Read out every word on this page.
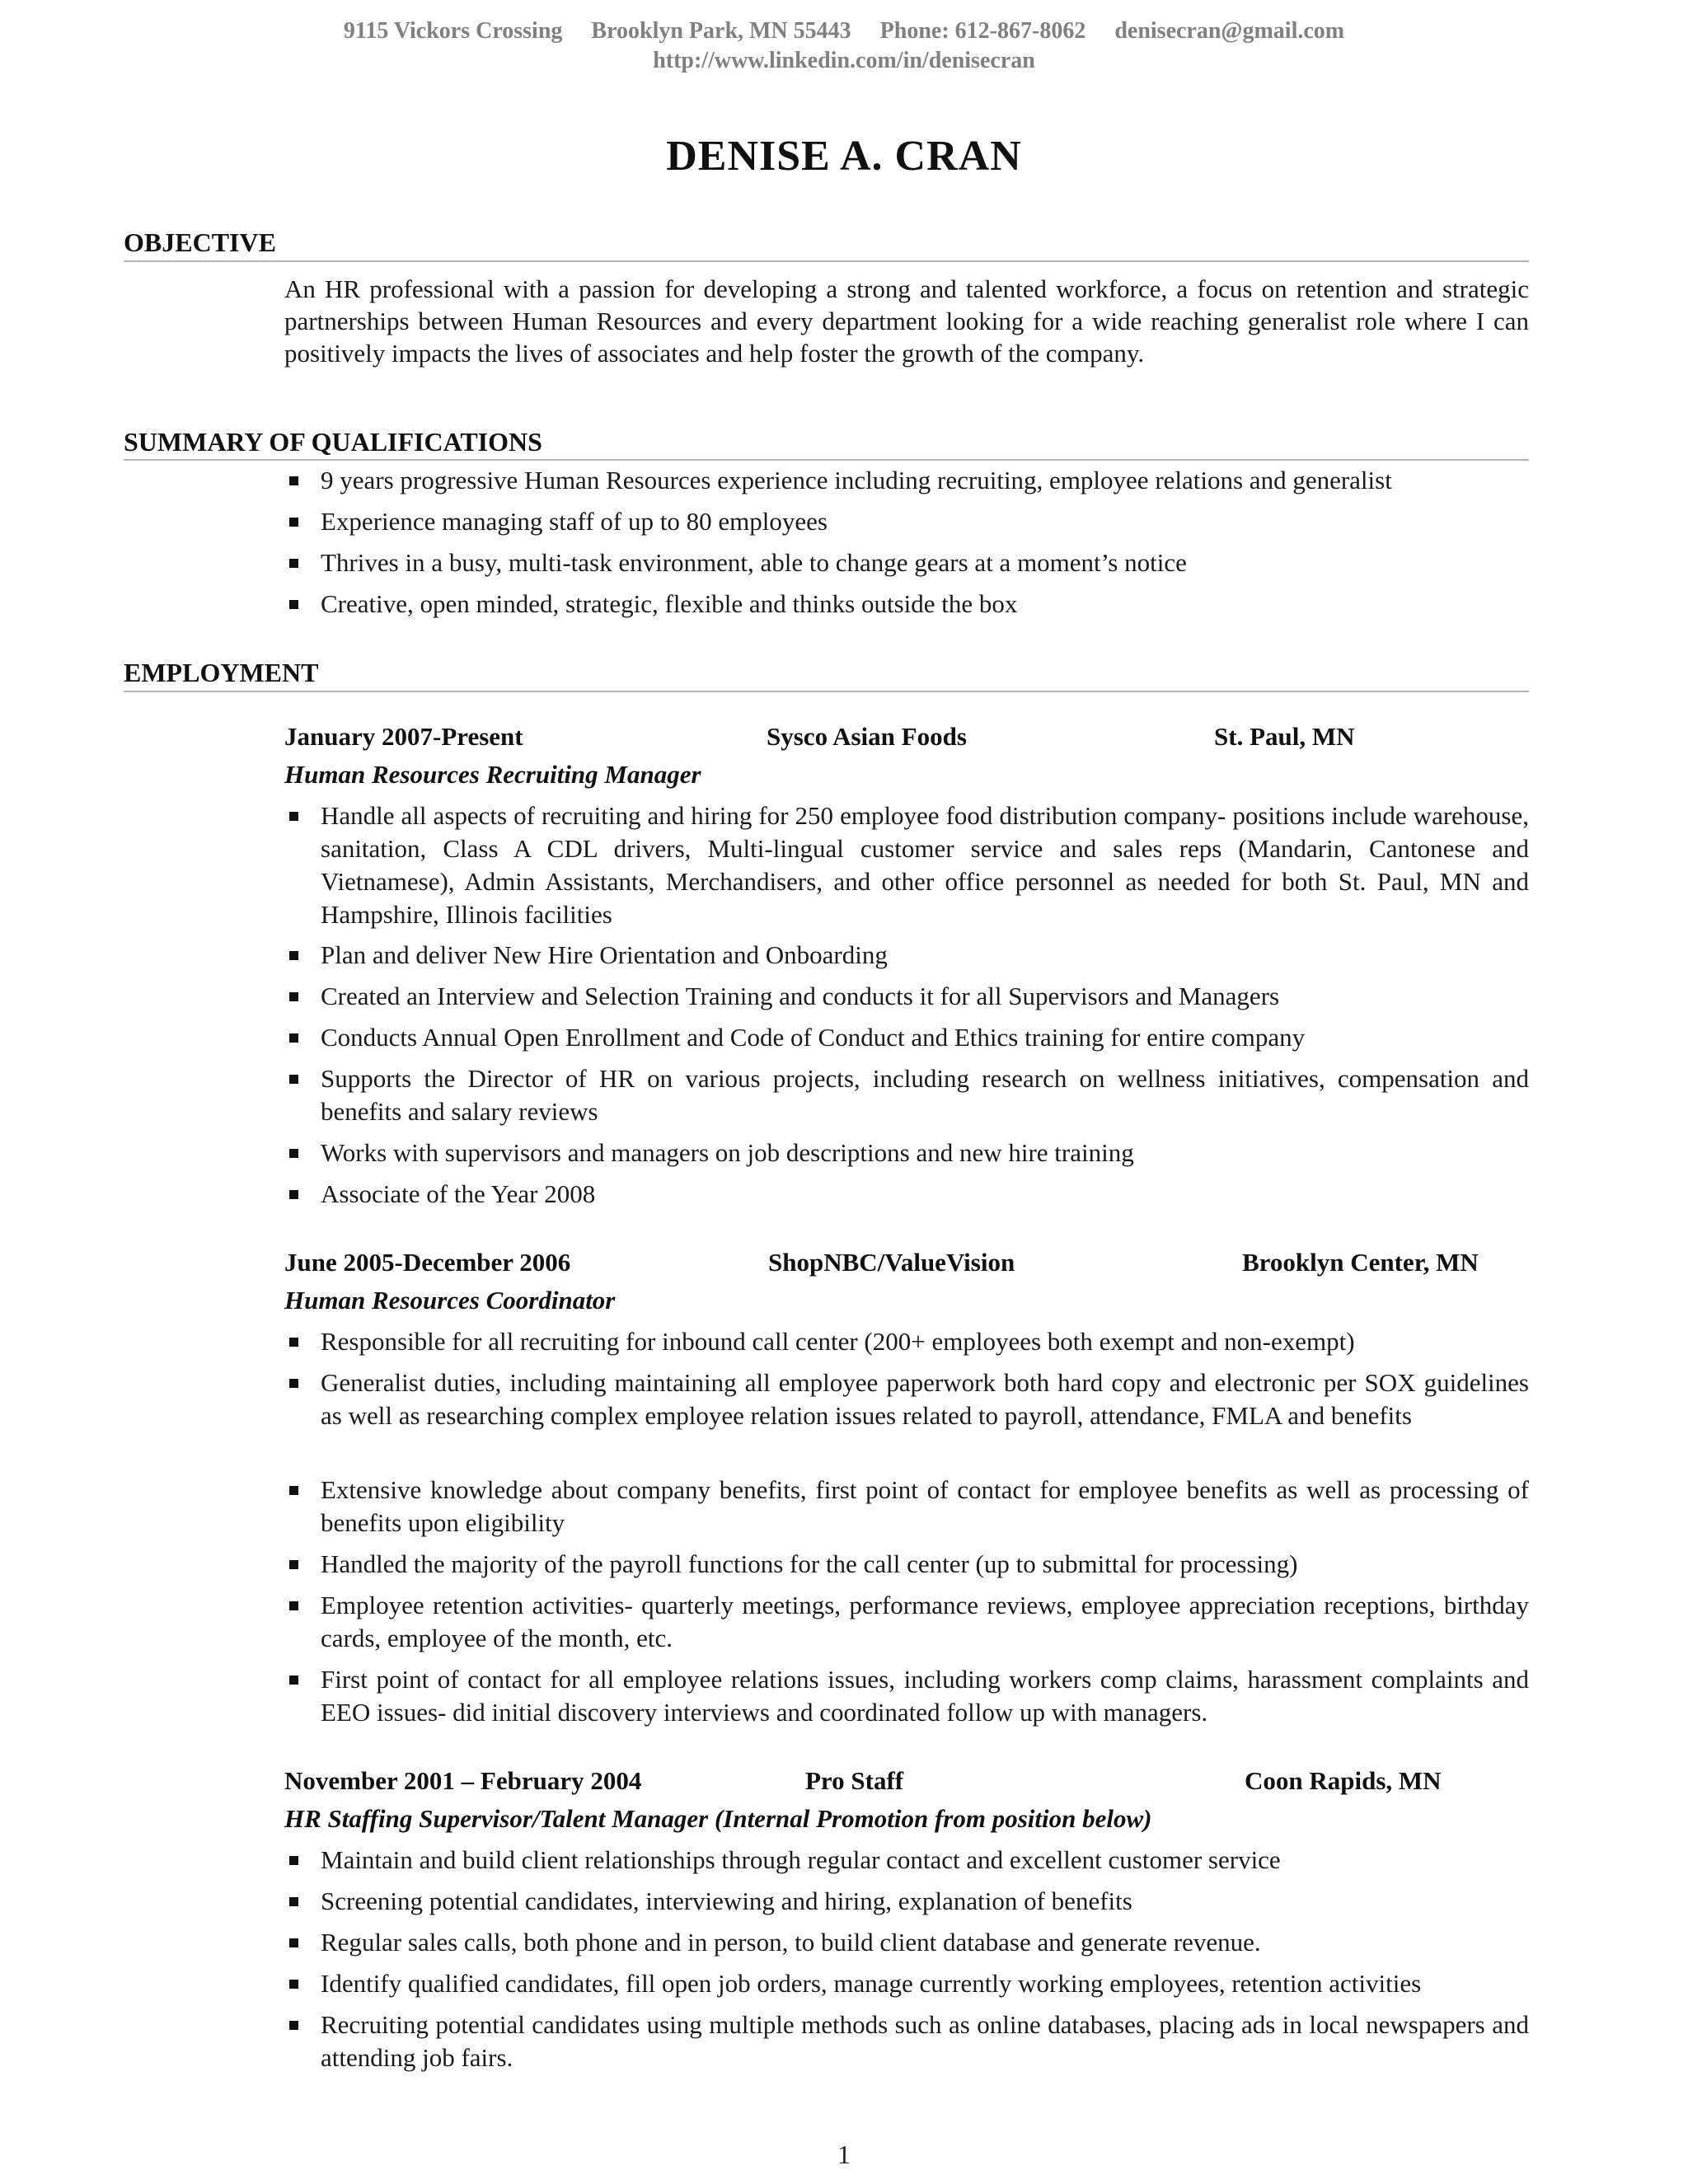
9115 Vickors Crossing     Brooklyn Park, MN 55443     Phone: 612-867-8062     denisecran@gmail.com
http://www.linkedin.com/in/denisecran
DENISE A. CRAN
OBJECTIVE
An HR professional with a passion for developing a strong and talented workforce, a focus on retention and strategic partnerships between Human Resources and every department looking for a wide reaching generalist role where I can positively impacts the lives of associates and help foster the growth of the company.
SUMMARY OF QUALIFICATIONS
9 years progressive Human Resources experience including recruiting, employee relations and generalist
Experience managing staff of up to 80 employees
Thrives in a busy, multi-task environment, able to change gears at a moment’s notice
Creative, open minded, strategic, flexible and thinks outside the box
EMPLOYMENT
January 2007-Present	Sysco Asian Foods	St. Paul, MN
Human Resources Recruiting Manager
Handle all aspects of recruiting and hiring for 250 employee food distribution company- positions include warehouse, sanitation, Class A CDL drivers, Multi-lingual customer service and sales reps (Mandarin, Cantonese and Vietnamese), Admin Assistants, Merchandisers, and other office personnel as needed for both St. Paul, MN and Hampshire, Illinois facilities
Plan and deliver New Hire Orientation and Onboarding
Created an Interview and Selection Training and conducts it for all Supervisors and Managers
Conducts Annual Open Enrollment and Code of Conduct and Ethics training for entire company
Supports the Director of HR on various projects, including research on wellness initiatives, compensation and benefits and salary reviews
Works with supervisors and managers on job descriptions and new hire training
Associate of the Year 2008
June 2005-December 2006	ShopNBC/ValueVision	Brooklyn Center, MN
Human Resources Coordinator
Responsible for all recruiting for inbound call center (200+ employees both exempt and non-exempt)
Generalist duties, including maintaining all employee paperwork both hard copy and electronic per SOX guidelines as well as researching complex employee relation issues related to payroll, attendance, FMLA and benefits
Extensive knowledge about company benefits, first point of contact for employee benefits as well as processing of benefits upon eligibility
Handled the majority of the payroll functions for the call center (up to submittal for processing)
Employee retention activities- quarterly meetings, performance reviews, employee appreciation receptions, birthday cards, employee of the month, etc.
First point of contact for all employee relations issues, including workers comp claims, harassment complaints and EEO issues- did initial discovery interviews and coordinated follow up with managers.
November 2001 – February 2004	Pro Staff	Coon Rapids, MN
HR Staffing Supervisor/Talent Manager (Internal Promotion from position below)
Maintain and build client relationships through regular contact and excellent customer service
Screening potential candidates, interviewing and hiring, explanation of benefits
Regular sales calls, both phone and in person, to build client database and generate revenue.
Identify qualified candidates, fill open job orders, manage currently working employees, retention activities
Recruiting potential candidates using multiple methods such as online databases, placing ads in local newspapers and attending job fairs.
1
